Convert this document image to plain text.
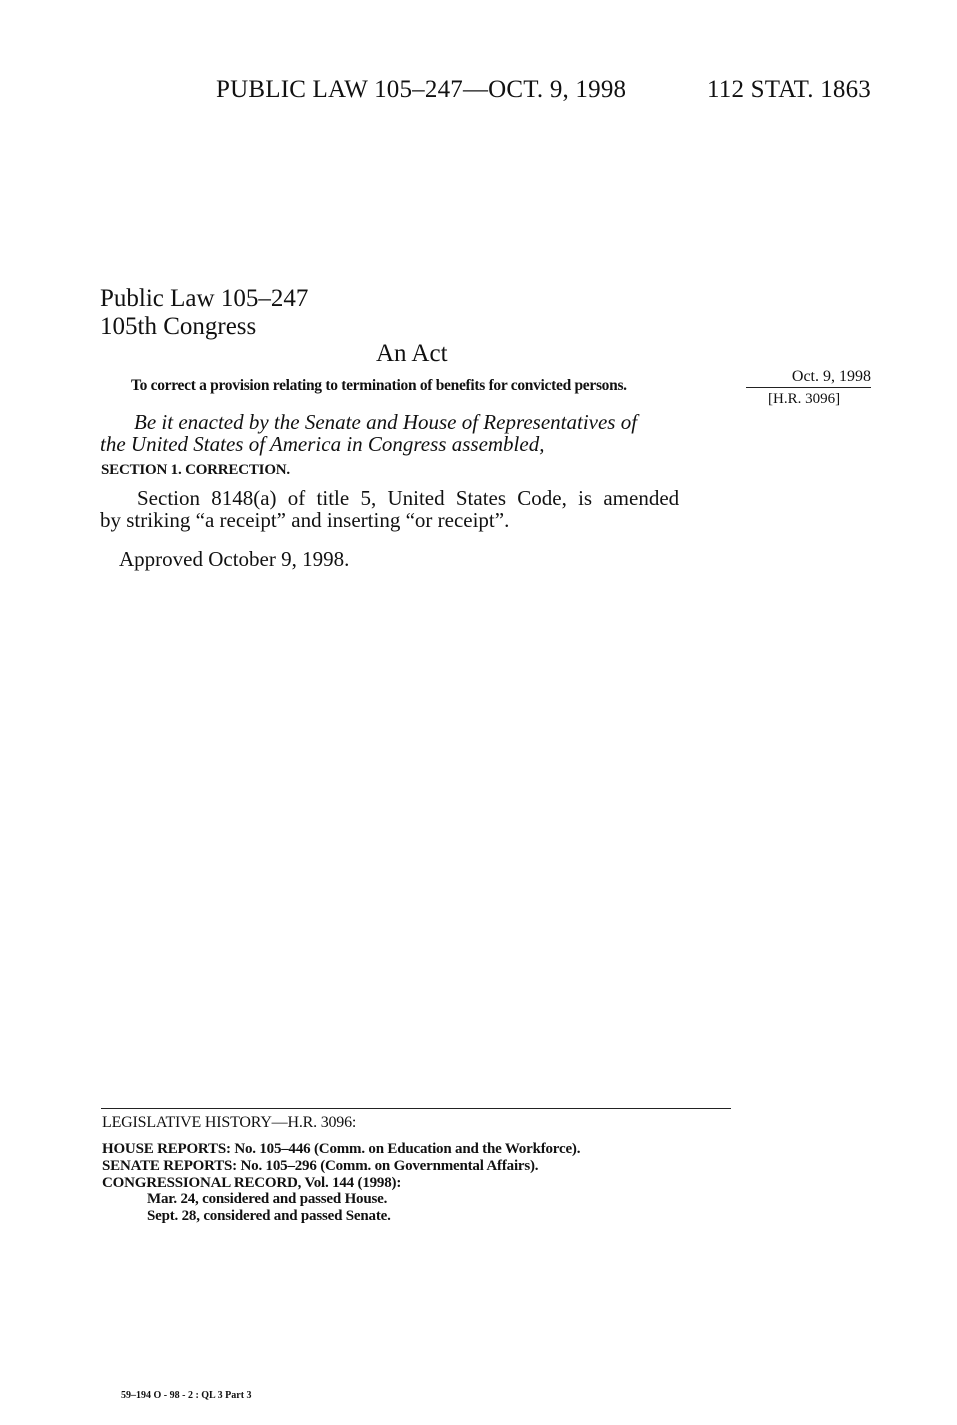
PUBLIC LAW 105–247—OCT. 9, 1998	112 STAT. 1863
Public Law 105–247
105th Congress
An Act
To correct a provision relating to termination of benefits for convicted persons.
Oct. 9, 1998
[H.R. 3096]
Be it enacted by the Senate and House of Representatives of
the United States of America in Congress assembled,
SECTION 1. CORRECTION.
Section 8148(a) of title 5, United States Code, is amended
by striking “a receipt” and inserting “or receipt”.
Approved October 9, 1998.
LEGISLATIVE HISTORY—H.R. 3096:
HOUSE REPORTS: No. 105–446 (Comm. on Education and the Workforce).
SENATE REPORTS: No. 105–296 (Comm. on Governmental Affairs).
CONGRESSIONAL RECORD, Vol. 144 (1998):
Mar. 24, considered and passed House.
Sept. 28, considered and passed Senate.
59–194 O - 98 - 2 : QL 3 Part 3
